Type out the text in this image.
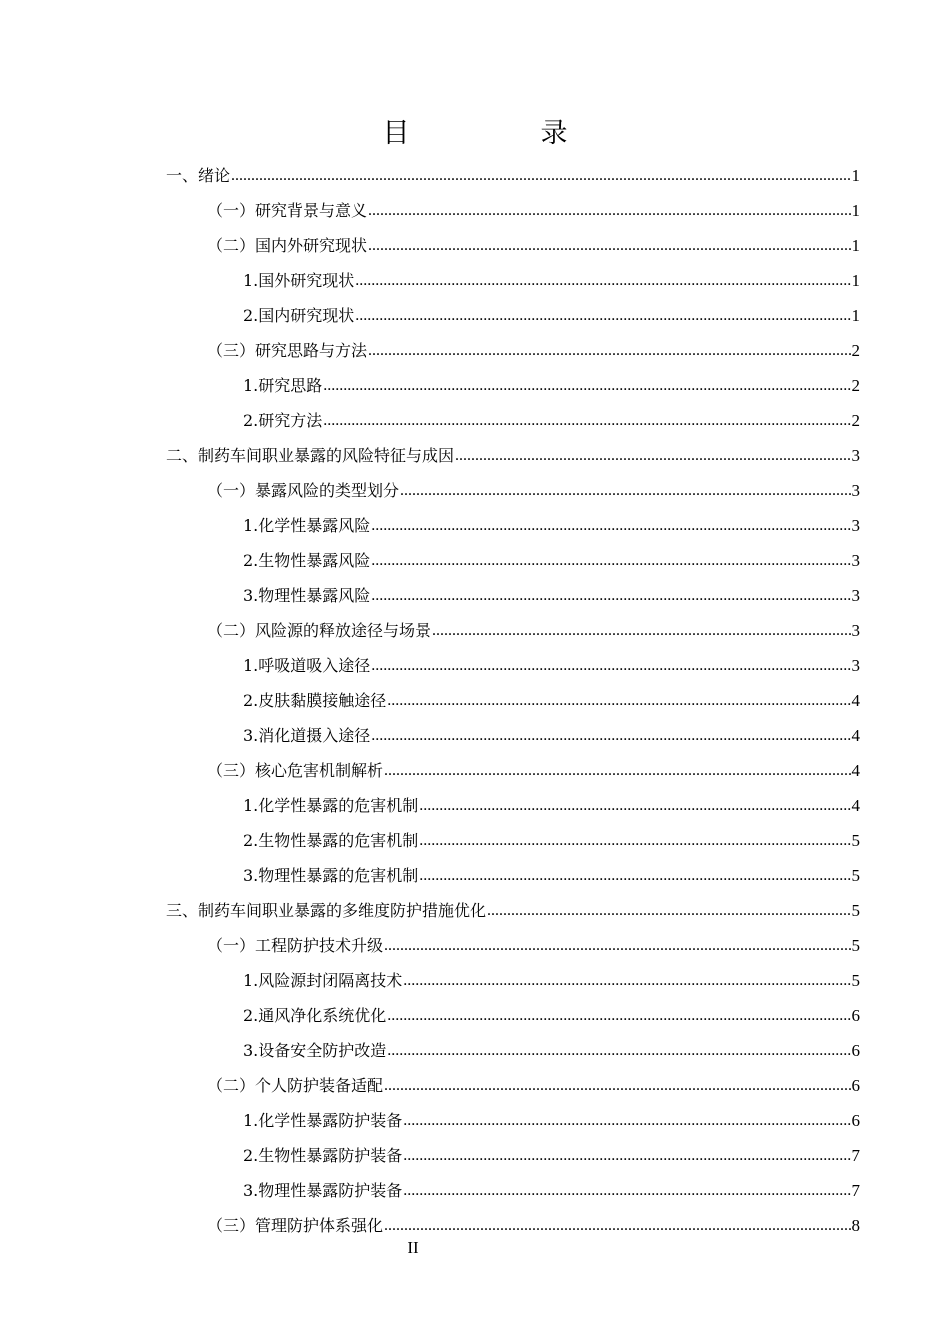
目　录
一、绪论 .....	1
（一）研究背景与意义 .....	1
（二）国内外研究现状 .....	1
1.国外研究现状 .....	1
2.国内研究现状 .....	1
（三）研究思路与方法 .....	2
1.研究思路 .....	2
2.研究方法 .....	2
二、制药车间职业暴露的风险特征与成因 .....	3
（一）暴露风险的类型划分 .....	3
1.化学性暴露风险 .....	3
2.生物性暴露风险 .....	3
3.物理性暴露风险 .....	3
（二）风险源的释放途径与场景 .....	3
1.呼吸道吸入途径 .....	3
2.皮肤黏膜接触途径 .....	4
3.消化道摄入途径 .....	4
（三）核心危害机制解析 .....	4
1.化学性暴露的危害机制 .....	4
2.生物性暴露的危害机制 .....	5
3.物理性暴露的危害机制 .....	5
三、制药车间职业暴露的多维度防护措施优化 .....	5
（一）工程防护技术升级 .....	5
1.风险源封闭隔离技术 .....	5
2.通风净化系统优化 .....	6
3.设备安全防护改造 .....	6
（二）个人防护装备适配 .....	6
1.化学性暴露防护装备 .....	6
2.生物性暴露防护装备 .....	7
3.物理性暴露防护装备 .....	7
（三）管理防护体系强化 .....	8
II
